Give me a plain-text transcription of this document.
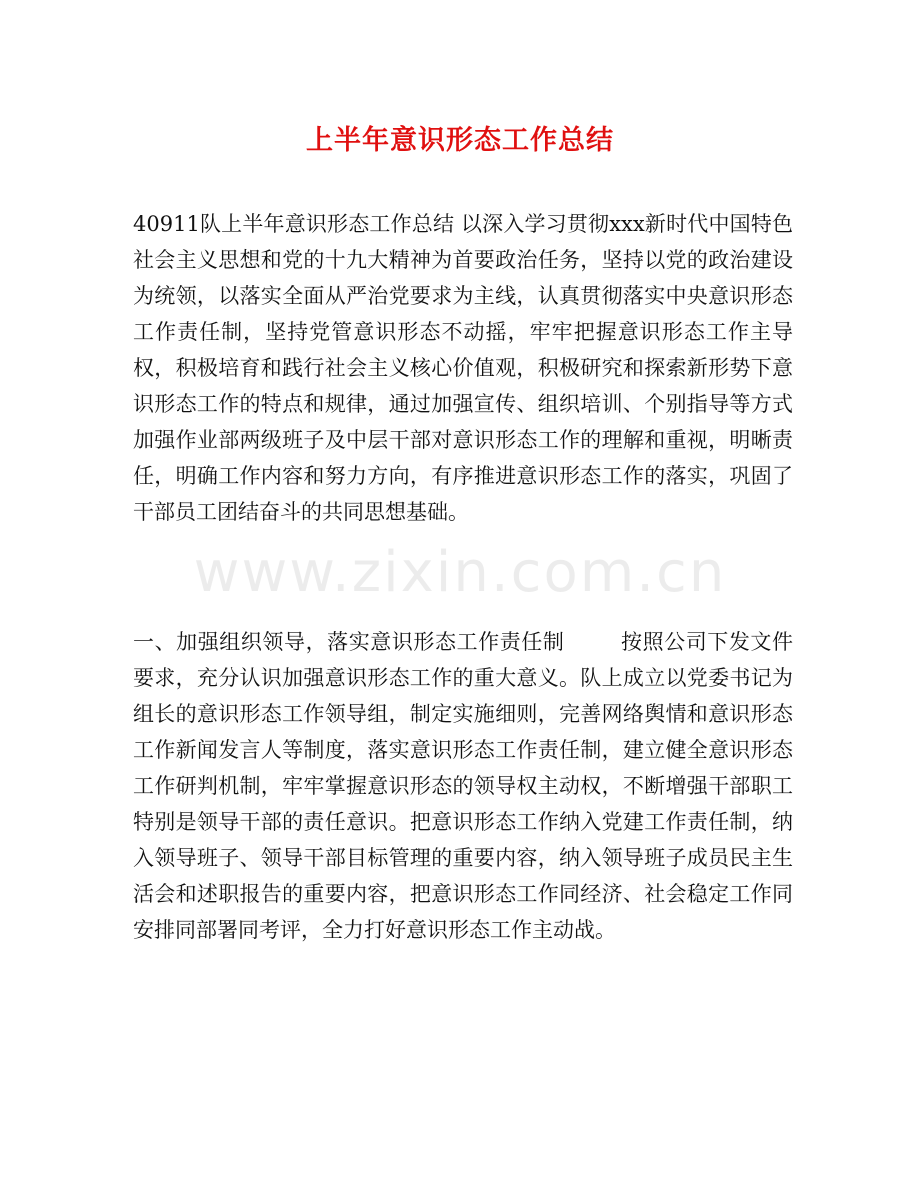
上半年意识形态工作总结
40911队上半年意识形态工作总结 以深入学习贯彻xxx新时代中国特色社会主义思想和党的十九大精神为首要政治任务，坚持以党的政治建设为统领，以落实全面从严治党要求为主线，认真贯彻落实中央意识形态工作责任制，坚持党管意识形态不动摇，牢牢把握意识形态工作主导权，积极培育和践行社会主义核心价值观，积极研究和探索新形势下意识形态工作的特点和规律，通过加强宣传、组织培训、个别指导等方式加强作业部两级班子及中层干部对意识形态工作的理解和重视，明晰责任，明确工作内容和努力方向，有序推进意识形态工作的落实，巩固了干部员工团结奋斗的共同思想基础。
一、加强组织领导，落实意识形态工作责任制	按照公司下发文件要求，充分认识加强意识形态工作的重大意义。队上成立以党委书记为组长的意识形态工作领导组，制定实施细则，完善网络舆情和意识形态工作新闻发言人等制度，落实意识形态工作责任制，建立健全意识形态工作研判机制，牢牢掌握意识形态的领导权主动权，不断增强干部职工特别是领导干部的责任意识。把意识形态工作纳入党建工作责任制，纳入领导班子、领导干部目标管理的重要内容，纳入领导班子成员民主生活会和述职报告的重要内容，把意识形态工作同经济、社会稳定工作同安排同部署同考评，全力打好意识形态工作主动战。
www.zixin.com.cn
